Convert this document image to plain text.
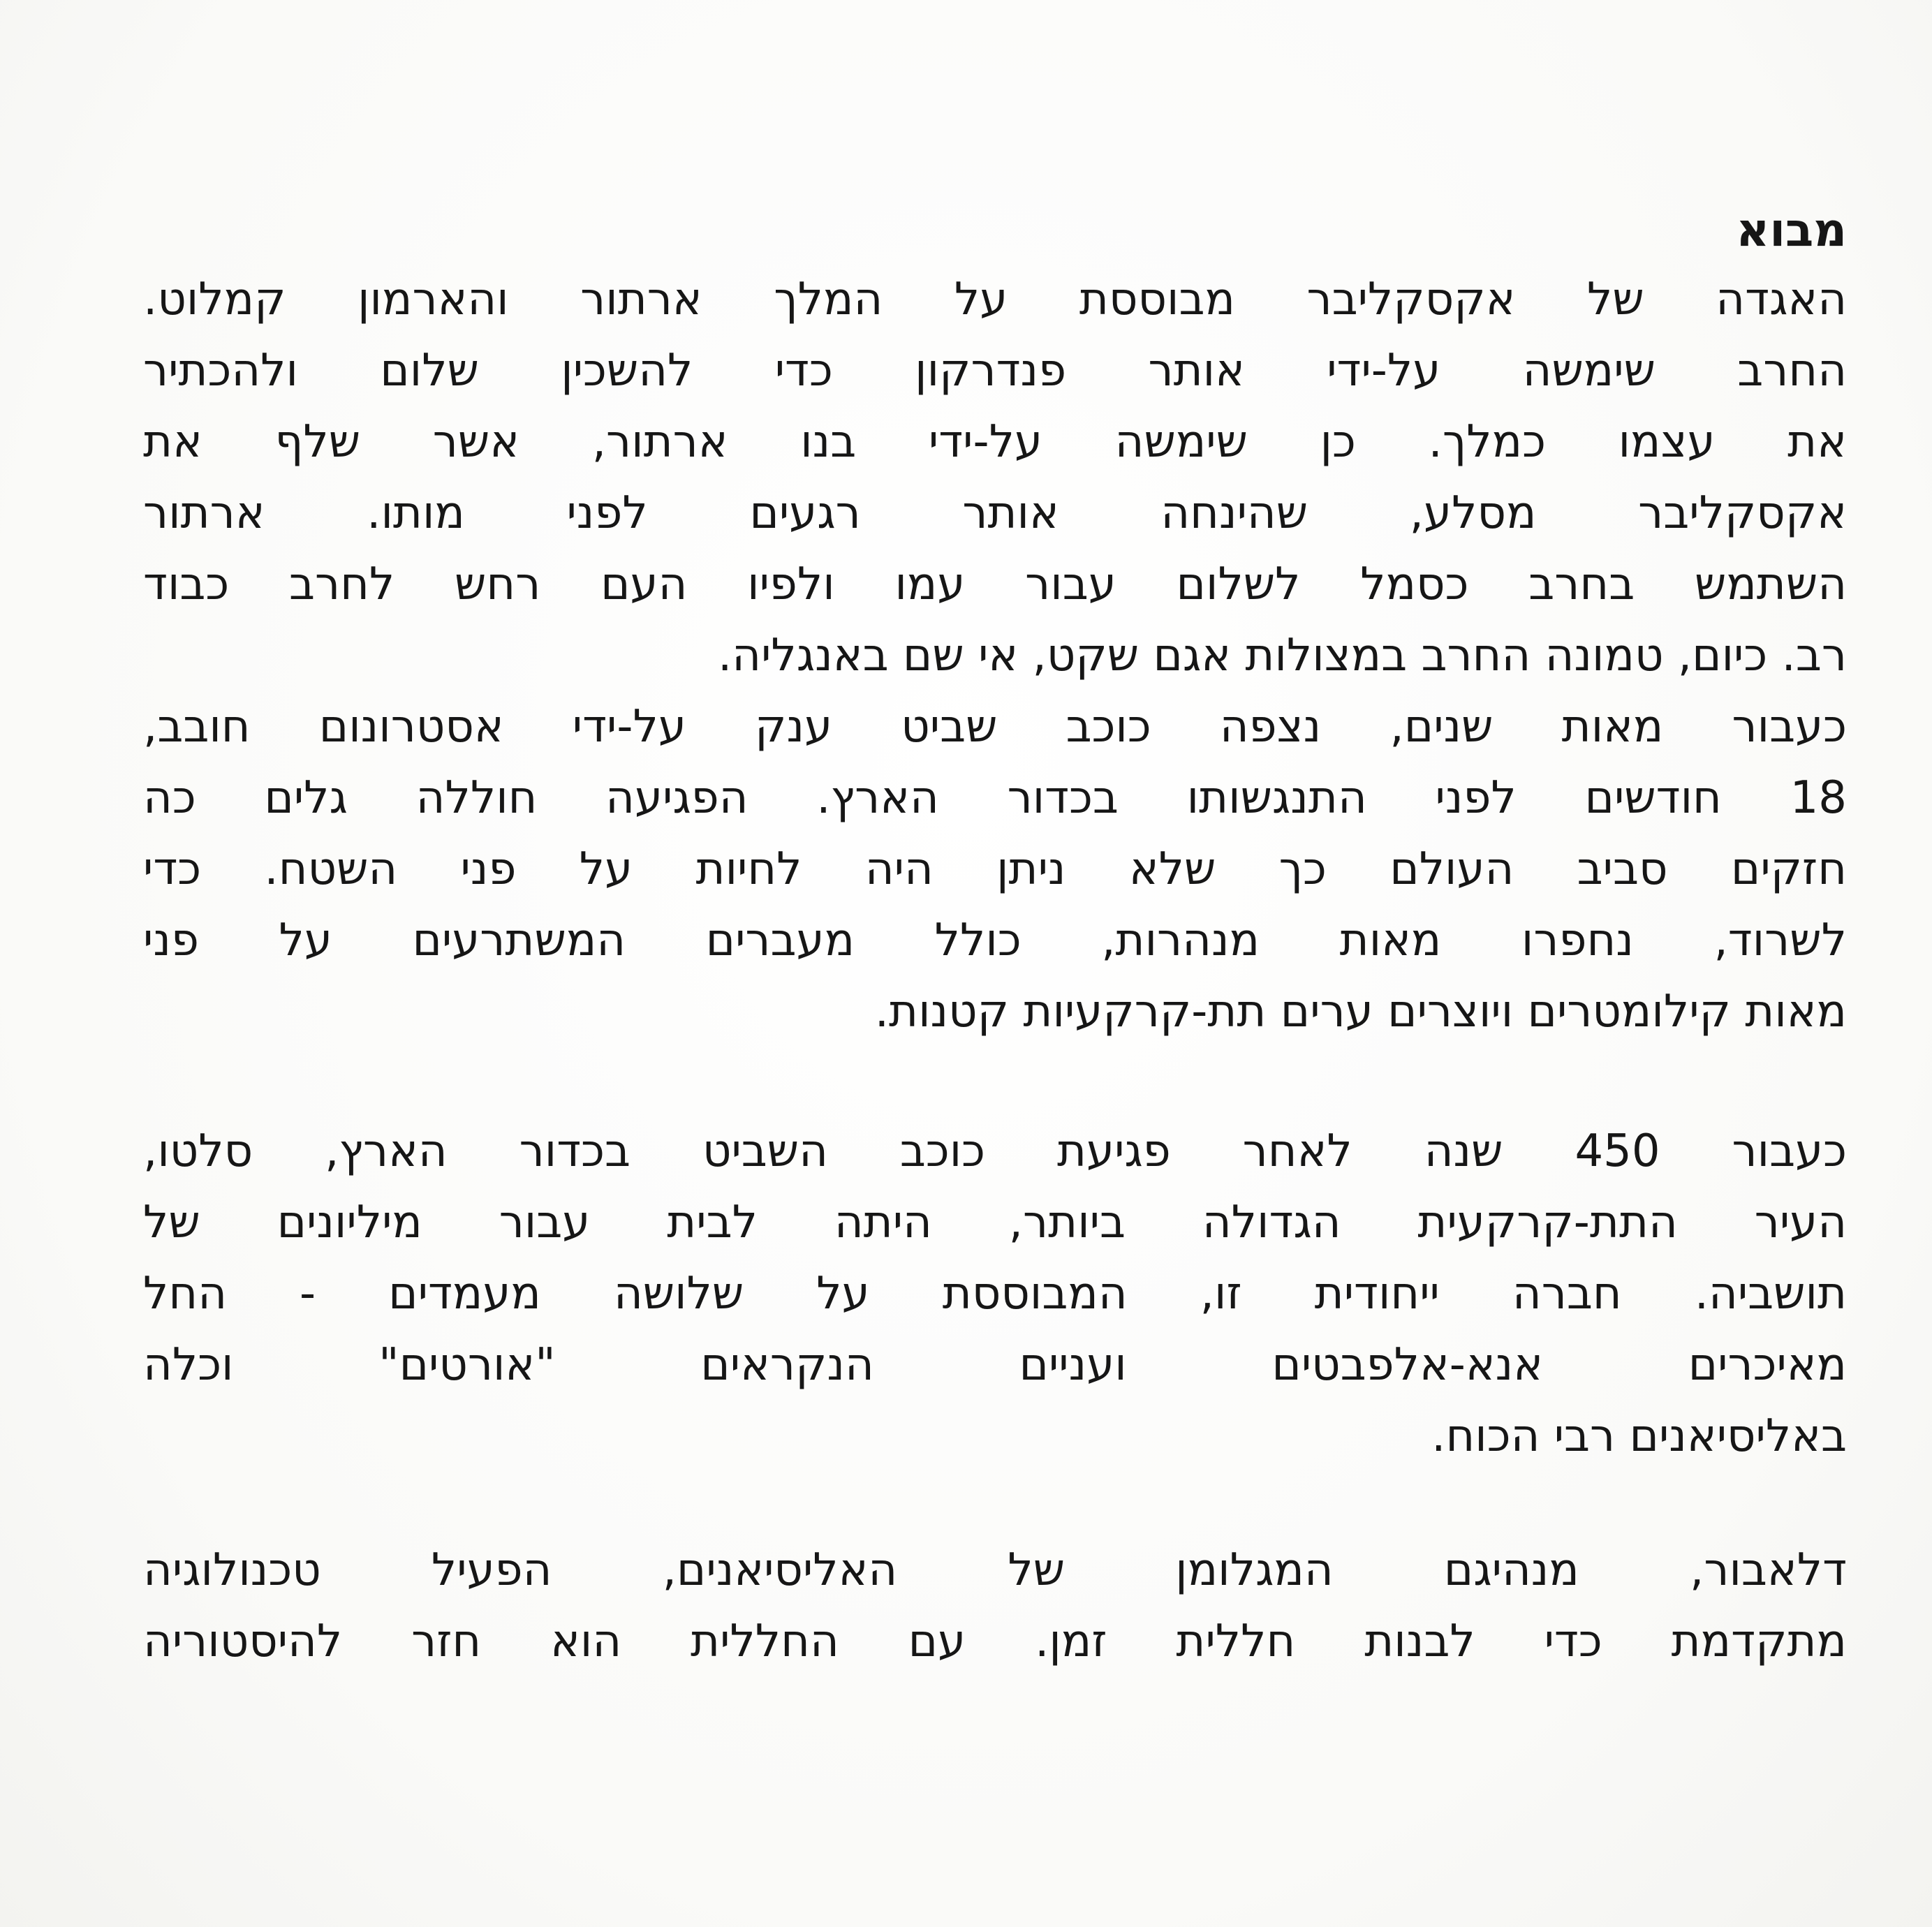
מבוא
האגדה של אקסקליבר מבוססת על המלך ארתור והארמון קמלוט.
החרב שימשה על-ידי אותר פנדרקון כדי להשכין שלום ולהכתיר
את עצמו כמלך. כן שימשה על-ידי בנו ארתור, אשר שלף את
אקסקליבר מסלע, שהינחה אותר רגעים לפני מותו. ארתור
השתמש בחרב כסמל לשלום עבור עמו ולפיו העם רחש לחרב כבוד
רב. כיום, טמונה החרב במצולות אגם שקט, אי שם באנגליה.
כעבור מאות שנים, נצפה כוכב שביט ענק על-ידי אסטרונום חובב,
18 חודשים לפני התנגשותו בכדור הארץ. הפגיעה חוללה גלים כה
חזקים סביב העולם כך שלא ניתן היה לחיות על פני השטח. כדי
לשרוד, נחפרו מאות מנהרות, כולל מעברים המשתרעים על פני
מאות קילומטרים ויוצרים ערים תת-קרקעיות קטנות.
כעבור 450 שנה לאחר פגיעת כוכב השביט בכדור הארץ, סלטו,
העיר התת-קרקעית הגדולה ביותר, היתה לבית עבור מיליונים של
תושביה. חברה ייחודית זו, המבוססת על שלושה מעמדים - החל
מאיכרים אנא-אלפבטים ועניים הנקראים "אורטים" וכלה
באליסיאנים רבי הכוח.
דלאבור, מנהיגם המגלומן של האליסיאנים, הפעיל טכנולוגיה
מתקדמת כדי לבנות חללית זמן. עם החללית הוא חזר להיסטוריה
